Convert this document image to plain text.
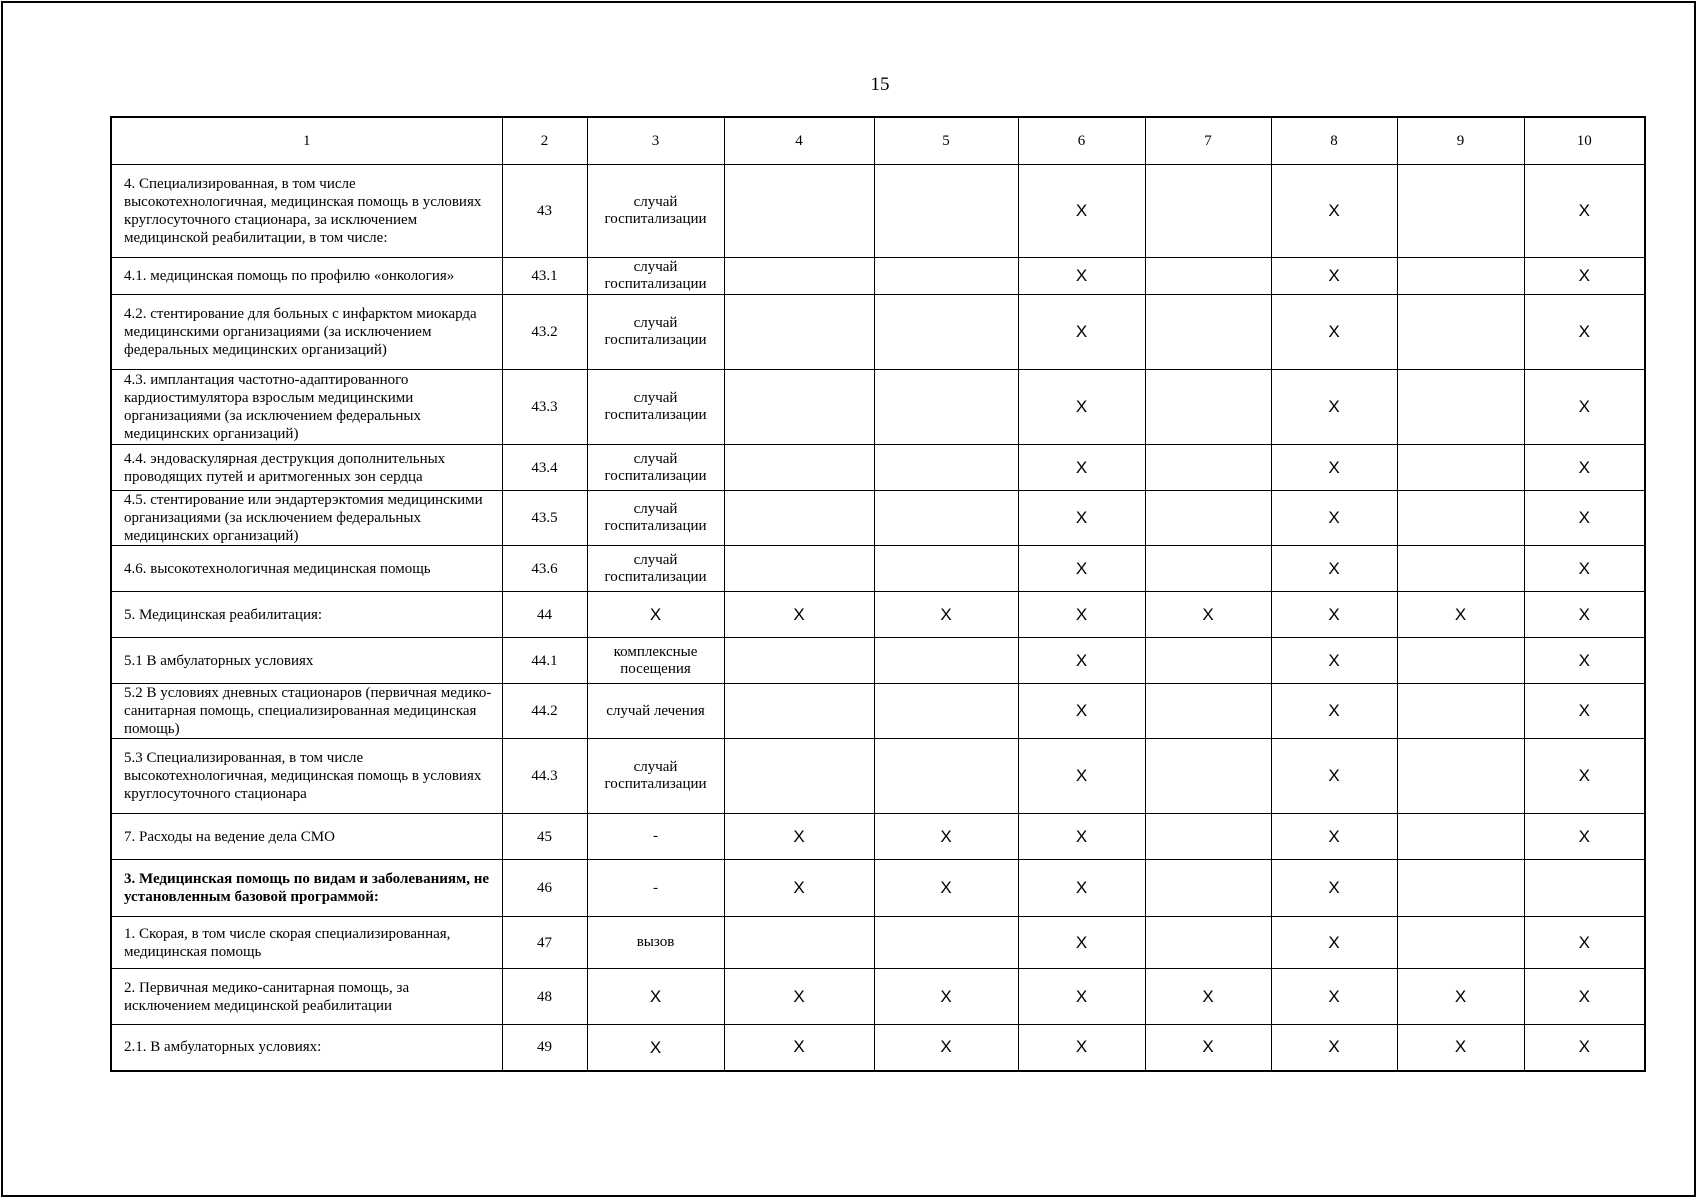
15
1	2	3	4	5	6	7	8	9	10
4. Специализированная, в том числе высокотехнологичная, медицинская помощь в условиях круглосуточного стационара, за исключением медицинской реабилитации, в том числе:	43	случай госпитализации			X		X		X
4.1. медицинская помощь по профилю «онкология»	43.1	случай госпитализации			X		X		X
4.2. стентирование для больных с инфарктом миокарда медицинскими организациями (за исключением федеральных медицинских организаций)	43.2	случай госпитализации			X		X		X
4.3. имплантация частотно-адаптированного кардиостимулятора взрослым медицинскими организациями (за исключением федеральных медицинских организаций)	43.3	случай госпитализации			X		X		X
4.4. эндоваскулярная деструкция дополнительных проводящих путей и аритмогенных зон сердца	43.4	случай госпитализации			X		X		X
4.5. стентирование или эндартерэктомия медицинскими организациями (за исключением федеральных медицинских организаций)	43.5	случай госпитализации			X		X		X
4.6. высокотехнологичная медицинская помощь	43.6	случай госпитализации			X		X		X
5. Медицинская реабилитация:	44	X	X	X	X	X	X	X	X
5.1 В амбулаторных условиях	44.1	комплексные посещения			X		X		X
5.2 В условиях дневных стационаров (первичная медико-санитарная помощь, специализированная медицинская помощь)	44.2	случай лечения			X		X		X
5.3 Специализированная, в том числе высокотехнологичная, медицинская помощь в условиях круглосуточного стационара	44.3	случай госпитализации			X		X		X
7. Расходы на ведение дела СМО	45	-	X	X	X		X		X
3. Медицинская помощь по видам и заболеваниям, не установленным базовой программой:	46	-	X	X	X		X		
1. Скорая, в том числе скорая специализированная, медицинская помощь	47	вызов			X		X		X
2. Первичная медико-санитарная помощь, за исключением медицинской реабилитации	48	X	X	X	X	X	X	X	X
2.1. В амбулаторных условиях:	49	X	X	X	X	X	X	X	X
